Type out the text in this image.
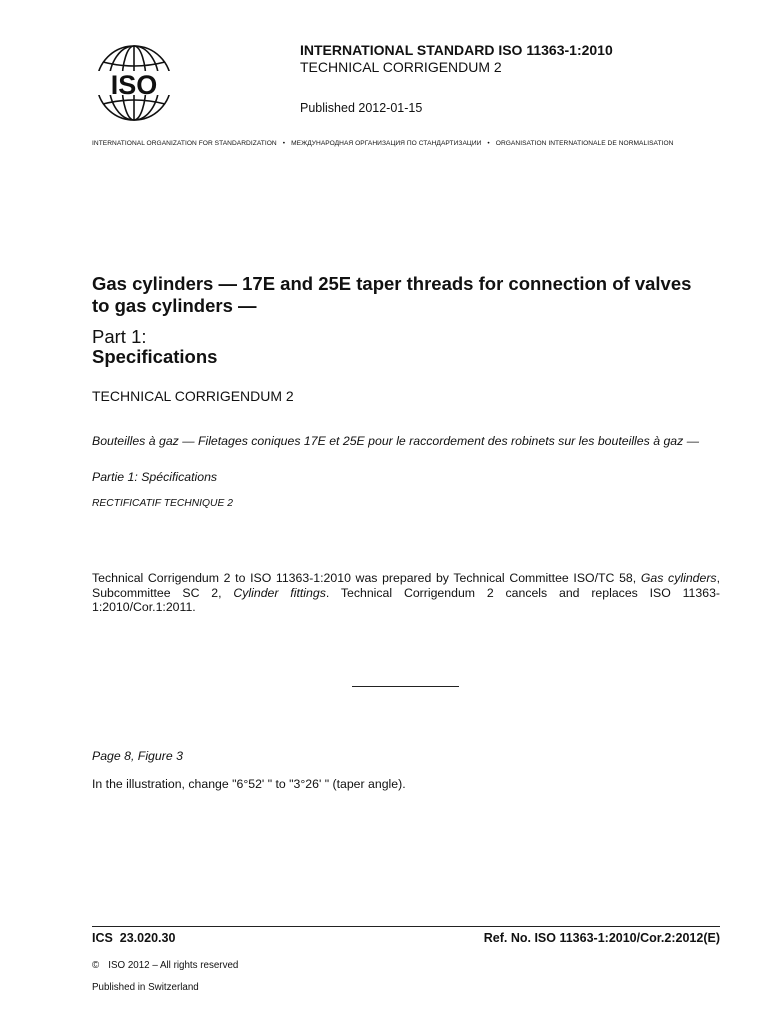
ISO
INTERNATIONAL STANDARD ISO 11363-1:2010
TECHNICAL CORRIGENDUM 2
Published 2012-01-15
INTERNATIONAL ORGANIZATION FOR STANDARDIZATION • МЕЖДУНАРОДНАЯ ОРГАНИЗАЦИЯ ПО СТАНДАРТИЗАЦИИ • ORGANISATION INTERNATIONALE DE NORMALISATION
Gas cylinders — 17E and 25E taper threads for connection of valves to gas cylinders —
Part 1:
Specifications
TECHNICAL CORRIGENDUM 2
Bouteilles à gaz — Filetages coniques 17E et 25E pour le raccordement des robinets sur les bouteilles à gaz —
Partie 1: Spécifications
RECTIFICATIF TECHNIQUE 2
Technical Corrigendum 2 to ISO 11363-1:2010 was prepared by Technical Committee ISO/TC 58, Gas cylinders, Subcommittee SC 2, Cylinder fittings. Technical Corrigendum 2 cancels and replaces ISO 11363-1:2010/Cor.1:2011.
Page 8, Figure 3
In the illustration, change "6°52' " to "3°26' " (taper angle).
ICS  23.020.30	Ref. No. ISO 11363-1:2010/Cor.2:2012(E)
© ISO 2012 – All rights reserved
Published in Switzerland
